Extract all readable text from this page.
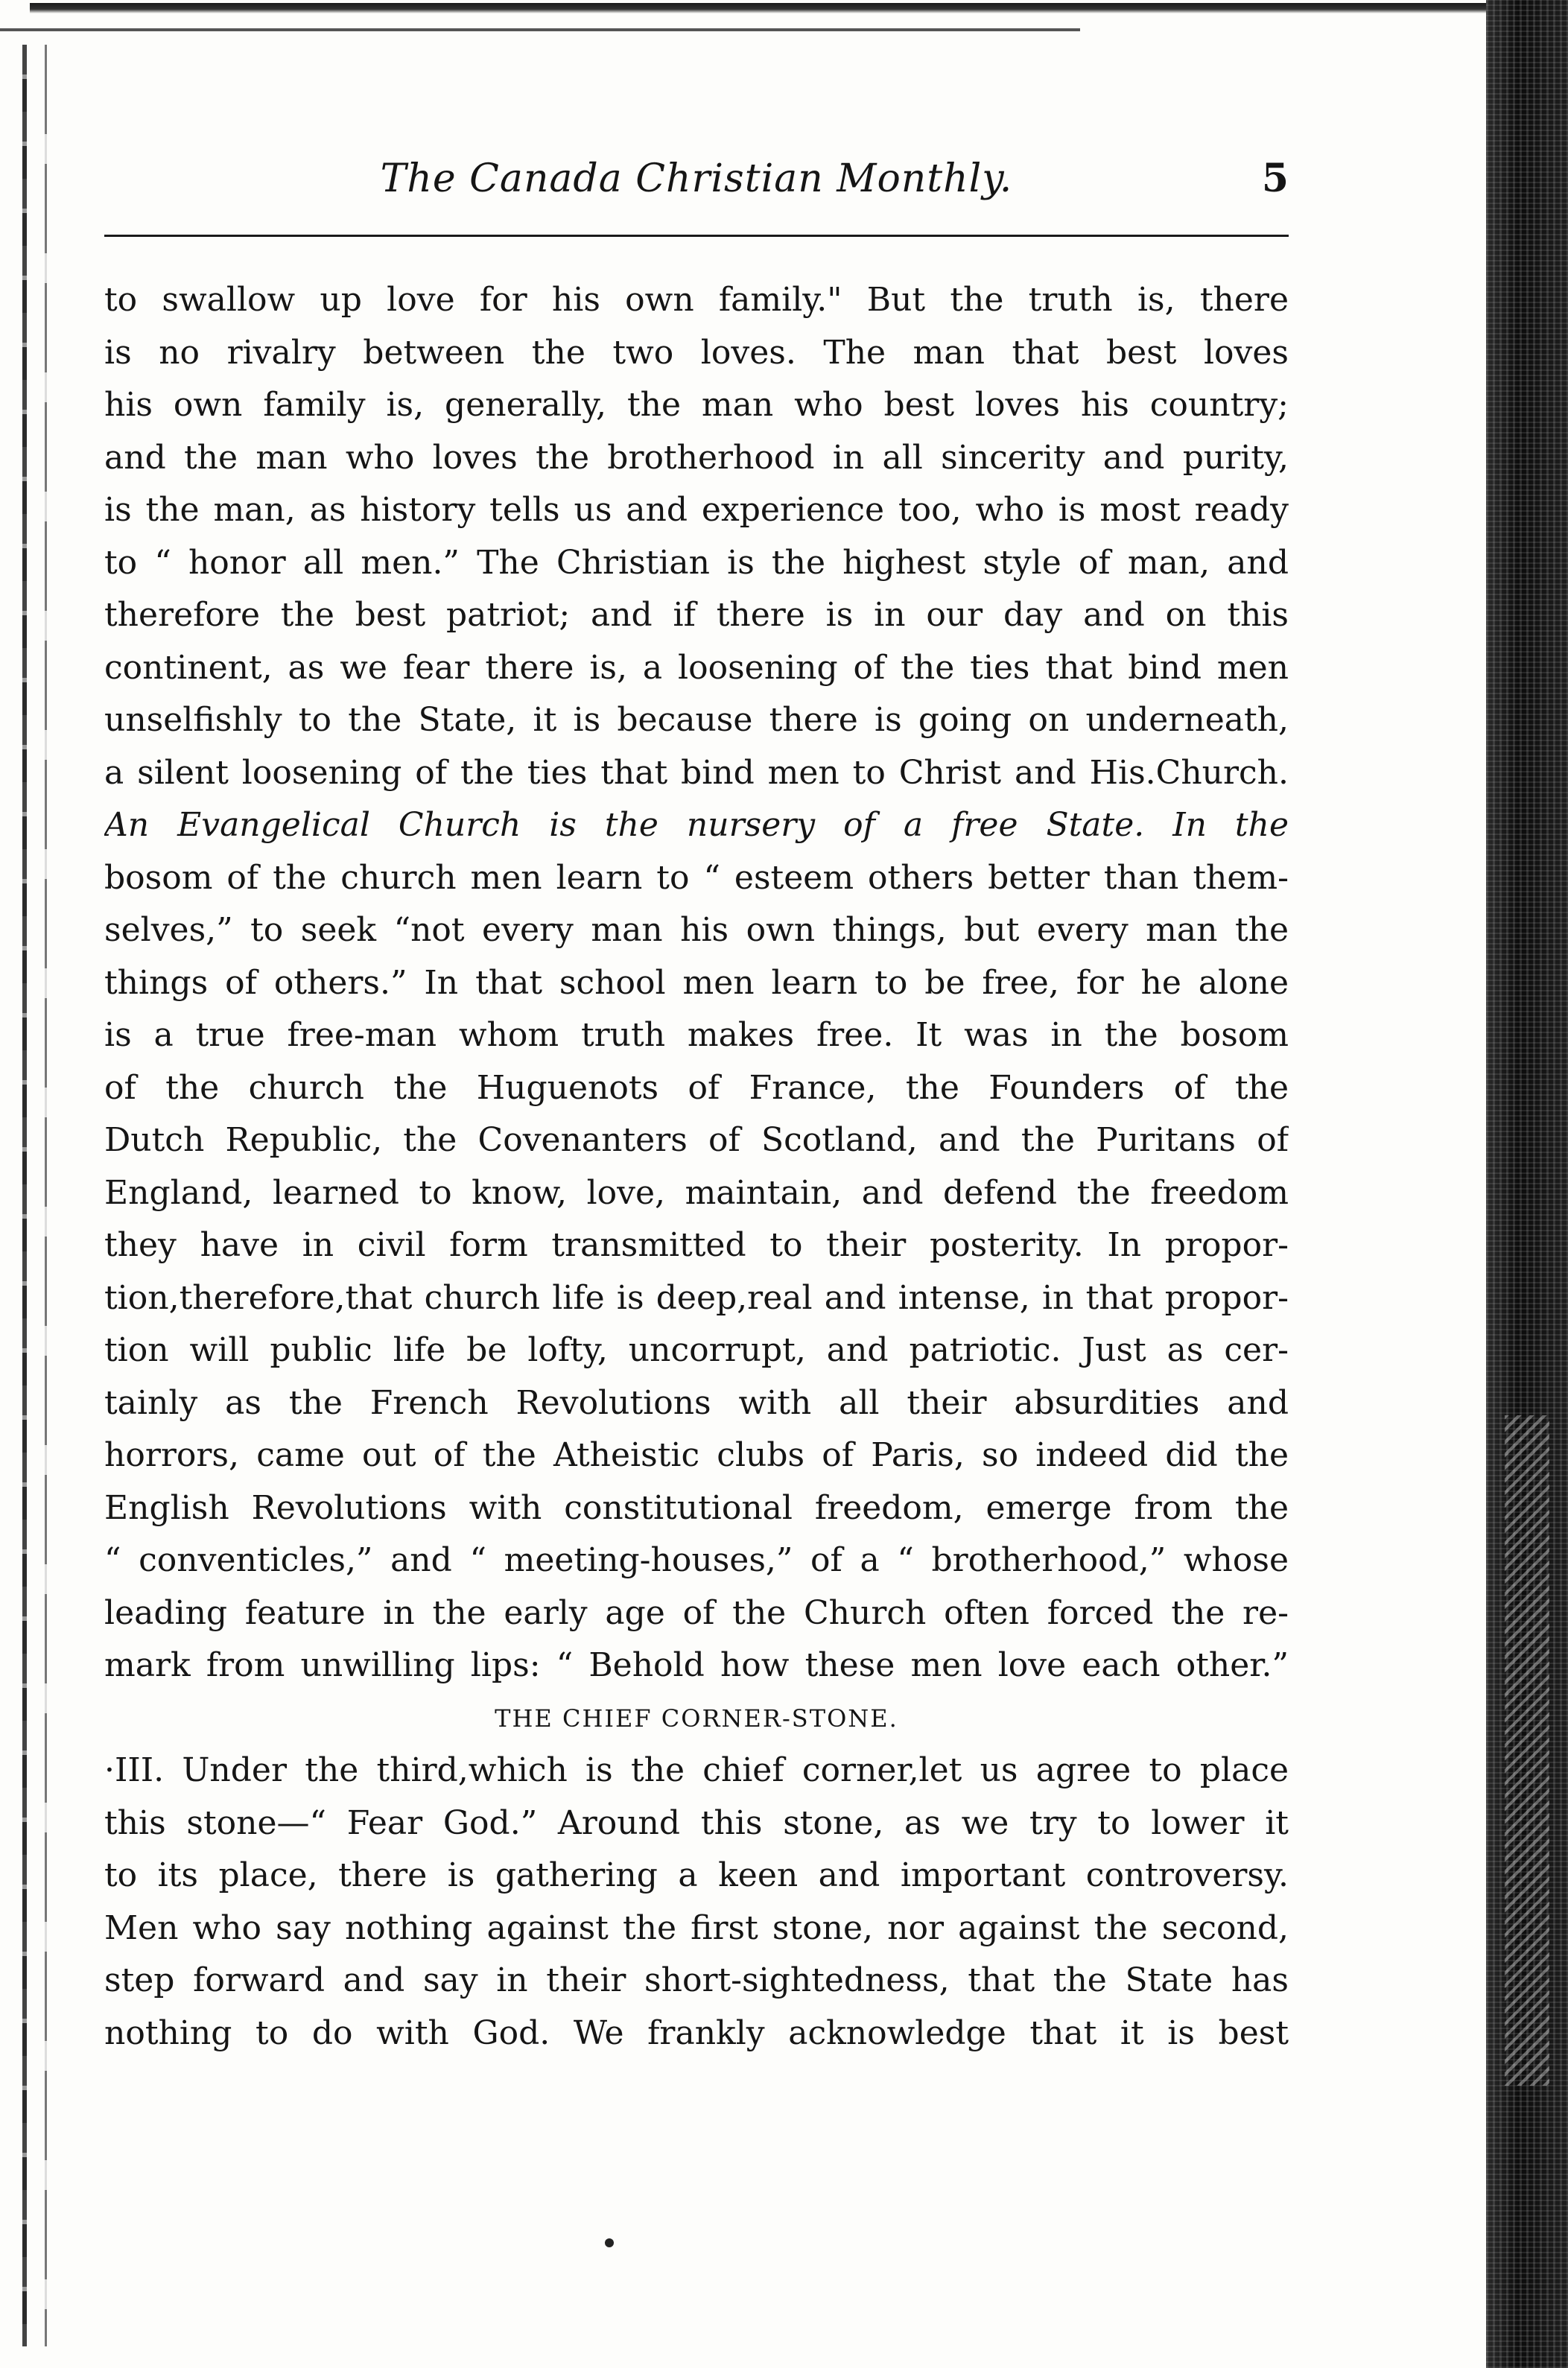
The Canada Christian Monthly.	5
to swallow up love for his own family." But the truth is, there
is no rivalry between the two loves. The man that best loves
his own family is, generally, the man who best loves his country;
and the man who loves the brotherhood in all sincerity and purity,
is the man, as history tells us and experience too, who is most ready
to “ honor all men.” The Christian is the highest style of man, and
therefore the best patriot; and if there is in our day and on this
continent, as we fear there is, a loosening of the ties that bind men
unselfishly to the State, it is because there is going on underneath,
a silent loosening of the ties that bind men to Christ and His.Church.
An Evangelical Church is the nursery of a free State. In the
bosom of the church men learn to “ esteem others better than them-
selves,” to seek “not every man his own things, but every man the
things of others.” In that school men learn to be free, for he alone
is a true free-man whom truth makes free. It was in the bosom
of the church the Huguenots of France, the Founders of the
Dutch Republic, the Covenanters of Scotland, and the Puritans of
England, learned to know, love, maintain, and defend the freedom
they have in civil form transmitted to their posterity. In propor-
tion,therefore,that church life is deep,real and intense, in that propor-
tion will public life be lofty, uncorrupt, and patriotic. Just as cer-
tainly as the French Revolutions with all their absurdities and
horrors, came out of the Atheistic clubs of Paris, so indeed did the
English Revolutions with constitutional freedom, emerge from the
“ conventicles,” and “ meeting-houses,” of a “ brotherhood,” whose
leading feature in the early age of the Church often forced the re-
mark from unwilling lips: “ Behold how these men love each other.”
THE CHIEF CORNER-STONE.
·III. Under the third,which is the chief corner,let us agree to place
this stone—“ Fear God.” Around this stone, as we try to lower it
to its place, there is gathering a keen and important controversy.
Men who say nothing against the first stone, nor against the second,
step forward and say in their short-sightedness, that the State has
nothing to do with God. We frankly acknowledge that it is best
